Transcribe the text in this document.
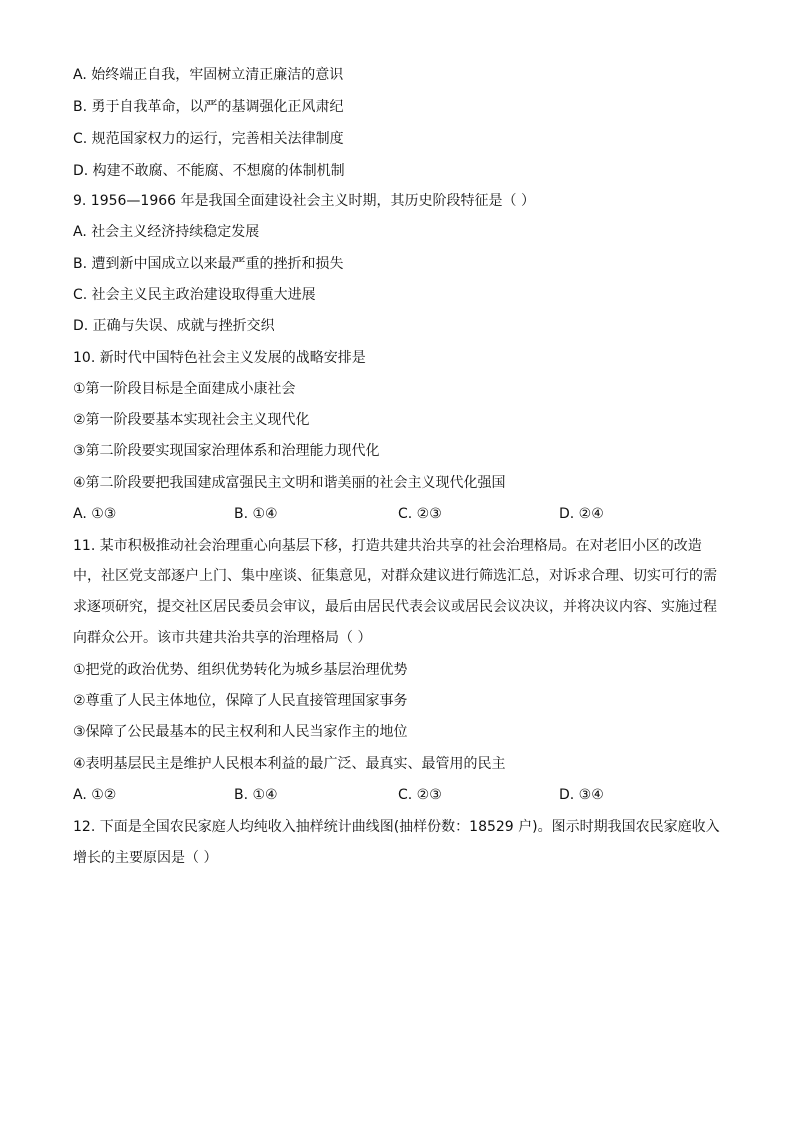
A. 始终端正自我，牢固树立清正廉洁的意识
B. 勇于自我革命，以严的基调强化正风肃纪
C. 规范国家权力的运行，完善相关法律制度
D. 构建不敢腐、不能腐、不想腐的体制机制
9. 1956—1966 年是我国全面建设社会主义时期，其历史阶段特征是（ ）
A. 社会主义经济持续稳定发展
B. 遭到新中国成立以来最严重的挫折和损失
C. 社会主义民主政治建设取得重大进展
D. 正确与失误、成就与挫折交织
10. 新时代中国特色社会主义发展的战略安排是
①第一阶段目标是全面建成小康社会
②第一阶段要基本实现社会主义现代化
③第二阶段要实现国家治理体系和治理能力现代化
④第二阶段要把我国建成富强民主文明和谐美丽的社会主义现代化强国
A. ①③	B. ①④	C. ②③	D. ②④
11. 某市积极推动社会治理重心向基层下移，打造共建共治共享的社会治理格局。在对老旧小区的改造
中，社区党支部逐户上门、集中座谈、征集意见，对群众建议进行筛选汇总，对诉求合理、切实可行的需
求逐项研究，提交社区居民委员会审议，最后由居民代表会议或居民会议决议，并将决议内容、实施过程
向群众公开。该市共建共治共享的治理格局（ ）
①把党的政治优势、组织优势转化为城乡基层治理优势
②尊重了人民主体地位，保障了人民直接管理国家事务
③保障了公民最基本的民主权利和人民当家作主的地位
④表明基层民主是维护人民根本利益的最广泛、最真实、最管用的民主
A. ①②	B. ①④	C. ②③	D. ③④
12. 下面是全国农民家庭人均纯收入抽样统计曲线图(抽样份数：18529 户)。图示时期我国农民家庭收入
增长的主要原因是（ ）
